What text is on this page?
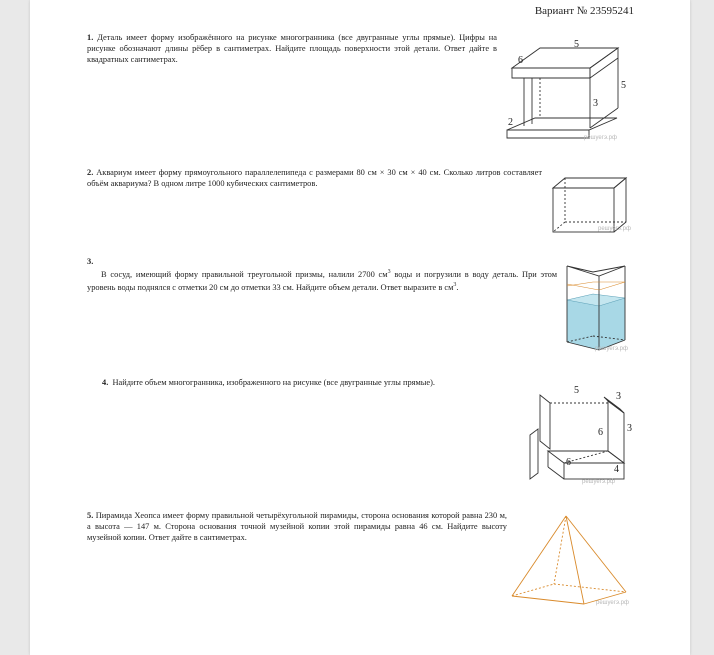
Вариант № 23595241
1. Деталь имеет форму изображённого на рисунке многогранника (все двугранные углы прямые). Цифры на рисунке обозначают длины рёбер в сантиметрах. Найдите площадь поверхности этой детали. Ответ дайте в квадратных сантиметрах.
5
6
5
3
2
решуегэ.рф
2. Аквариум имеет форму прямоугольного параллелепипеда с размерами 80 см × 30 см × 40 см. Сколько литров составляет объём аквариума? В одном литре 1000 кубических сантиметров.
решуегэ.рф
3.
В сосуд, имеющий форму правильной треугольной призмы, налили 2700 $см^3$ воды и погрузили в воду деталь. При этом уровень воды поднялся с отметки 20 см до отметки 33 см. Найдите объем детали. Ответ выразите в $см^3$.
решуегэ.рф
4. Найдите объем многогранника, изображенного на рисунке (все двугранные углы прямые).
5
3
3
6
6
4
решуегэ.рф
5. Пирамида Хеопса имеет форму правильной четырёхугольной пирамиды, сторона основания которой равна 230 м, а высота — 147 м. Сторона основания точной музейной копии этой пирамиды равна 46 см. Найдите высоту музейной копии. Ответ дайте в сантиметрах.
решуегэ.рф
